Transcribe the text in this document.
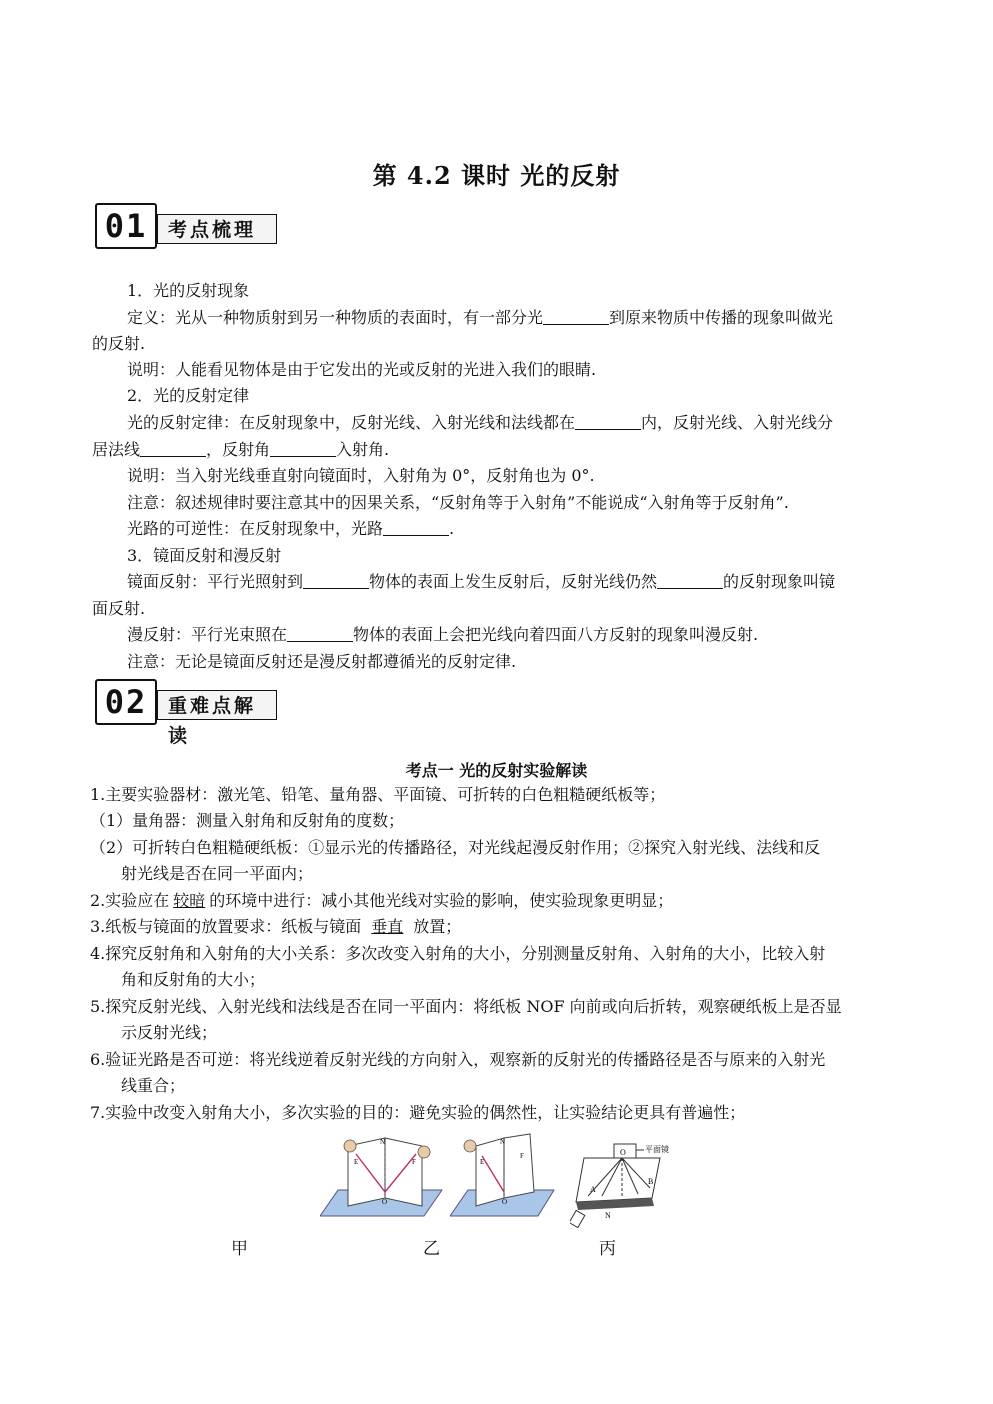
第 4.2 课时 光的反射
01	考点梳理
1．光的反射现象
定义：光从一种物质射到另一种物质的表面时，有一部分光	到原来物质中传播的现象叫做光
的反射.
说明：人能看见物体是由于它发出的光或反射的光进入我们的眼睛.
2．光的反射定律
光的反射定律：在反射现象中，反射光线、入射光线和法线都在	内，反射光线、入射光线分
居法线	，反射角	入射角.
说明：当入射光线垂直射向镜面时，入射角为 0°，反射角也为 0°.
注意：叙述规律时要注意其中的因果关系，“反射角等于入射角”不能说成“入射角等于反射角”.
光路的可逆性：在反射现象中，光路	.
3．镜面反射和漫反射
镜面反射：平行光照射到	物体的表面上发生反射后，反射光线仍然	的反射现象叫镜
面反射.
漫反射：平行光束照在	物体的表面上会把光线向着四面八方反射的现象叫漫反射.
注意：无论是镜面反射还是漫反射都遵循光的反射定律.
02	重难点解读
考点一 光的反射实验解读
1.主要实验器材：激光笔、铅笔、量角器、平面镜、可折转的白色粗糙硬纸板等；
（1）量角器：测量入射角和反射角的度数；
（2）可折转白色粗糙硬纸板：①显示光的传播路径，对光线起漫反射作用；②探究入射光线、法线和反
射光线是否在同一平面内；
2.实验应在 较暗 的环境中进行：减小其他光线对实验的影响，使实验现象更明显；
3.纸板与镜面的放置要求：纸板与镜面 垂直 放置；
4.探究反射角和入射角的大小关系：多次改变入射角的大小，分别测量反射角、入射角的大小，比较入射
角和反射角的大小；
5.探究反射光线、入射光线和法线是否在同一平面内：将纸板 NOF 向前或向后折转，观察硬纸板上是否显
示反射光线；
6.验证光路是否可逆：将光线逆着反射光线的方向射入，观察新的反射光的传播路径是否与原来的入射光
线重合；
7.实验中改变入射角大小，多次实验的目的：避免实验的偶然性，让实验结论更具有普遍性；
N
O
E	F
N
O
E
F
平面镜
O
A
B
N
甲	乙	丙
